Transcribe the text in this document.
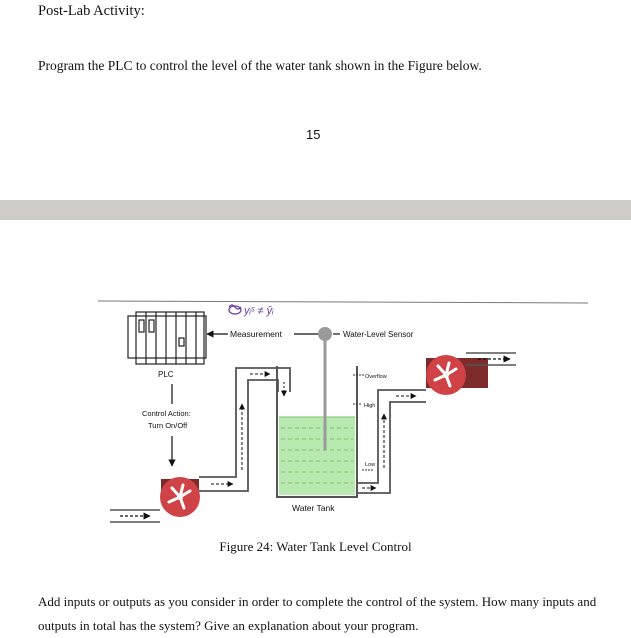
Post-Lab Activity:
Program the PLC to control the level of the water tank shown in the Figure below.
15
PLC
yᵢˢ ≠ ŷᵢ
Measurement	Water-Level Sensor
Control Action:
Turn On/Off
Water Tank
Overflow
High
Low
Figure 24: Water Tank Level Control
Add inputs or outputs as you consider in order to complete the control of the system. How many inputs and outputs in total has the system? Give an explanation about your program.
